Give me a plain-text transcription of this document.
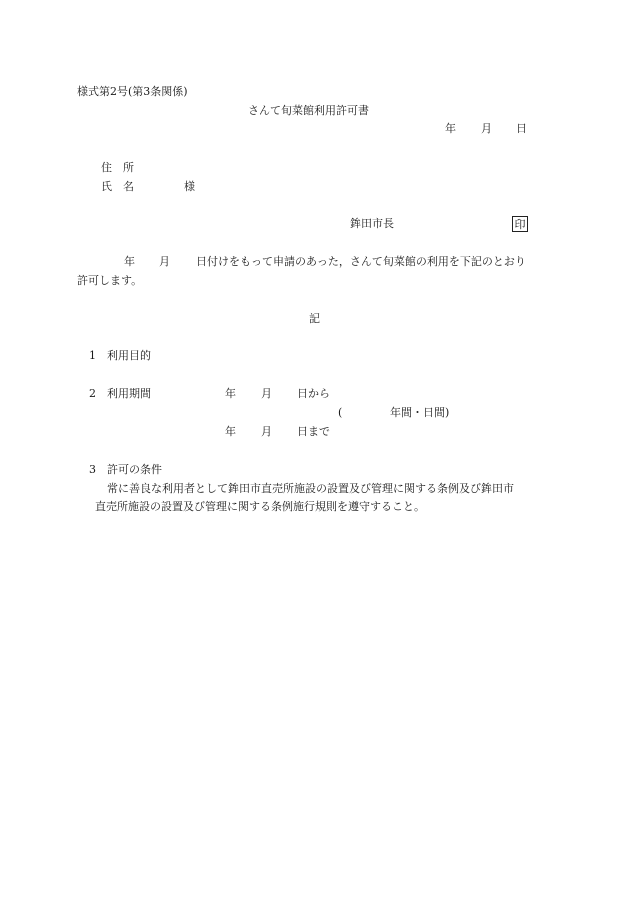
様式第2号(第3条関係)
さんて旬菜館利用許可書
年 月 日
住　所
氏　名	様
鉾田市長	印
年 月 日付けをもって申請のあった，さんて旬菜館の利用を下記のとおり
許可します。
記
1 利用目的
2 利用期間	年 月 日から
(	年間・日間)
年 月 日まで
3 許可の条件
常に善良な利用者として鉾田市直売所施設の設置及び管理に関する条例及び鉾田市
直売所施設の設置及び管理に関する条例施行規則を遵守すること。
